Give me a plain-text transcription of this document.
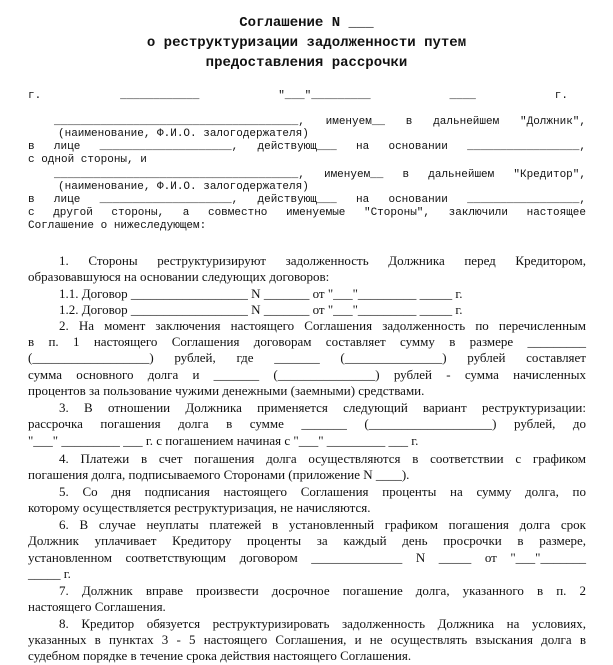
Соглашение N ___
о реструктуризации задолженности путем
предоставления рассрочки
г. ____________ "___"_________ ____ г.
_____________________________________, именуем__ в дальнейшем "Должник",
(наименование, Ф.И.О. залогодержателя)
в лице ____________________, действующ___ на основании _________________,
с одной стороны, и
_____________________________________, именуем__ в дальнейшем "Кредитор",
(наименование, Ф.И.О. залогодержателя)
в лице ____________________, действующ___ на основании _________________,
с другой стороны, а совместно именуемые "Стороны", заключили настоящее
Соглашение о нижеследующем:
1. Стороны реструктуризируют задолженность Должника перед Кредитором,
образовавшуюся на основании следующих договоров:
1.1. Договор __________________ N _______ от "___"_________ _____ г.
1.2. Договор __________________ N _______ от "___"_________ _____ г.
2. На момент заключения настоящего Соглашения задолженность по перечисленным
в п. 1 настоящего Соглашения договорам составляет сумму в размере _________
(__________________) рублей, где _______ (_______________) рублей составляет
сумма основного долга и _______ (_______________) рублей - сумма начисленных
процентов за пользование чужими денежными (заемными) средствами.
3. В отношении Должника применяется следующий вариант реструктуризации:
рассрочка погашения долга в сумме _______ (___________________) рублей, до
"___" _________ ___ г. с погашением начиная с "___" _________ ___ г.
4. Платежи в счет погашения долга осуществляются в соответствии с графиком
погашения долга, подписываемого Сторонами (приложение N ____).
5. Со дня подписания настоящего Соглашения проценты на сумму долга, по
которому осуществляется реструктуризация, не начисляются.
6. В случае неуплаты платежей в установленный графиком погашения долга срок
Должник уплачивает Кредитору проценты за каждый день просрочки в размере,
установленном соответствующим договором ______________ N _____ от "___"_______
_____ г.
7. Должник вправе произвести досрочное погашение долга, указанного в п. 2
настоящего Соглашения.
8. Кредитор обязуется реструктуризировать задолженность Должника на условиях,
указанных в пунктах 3 - 5 настоящего Соглашения, и не осуществлять взыскания долга в
судебном порядке в течение срока действия настоящего Соглашения.
